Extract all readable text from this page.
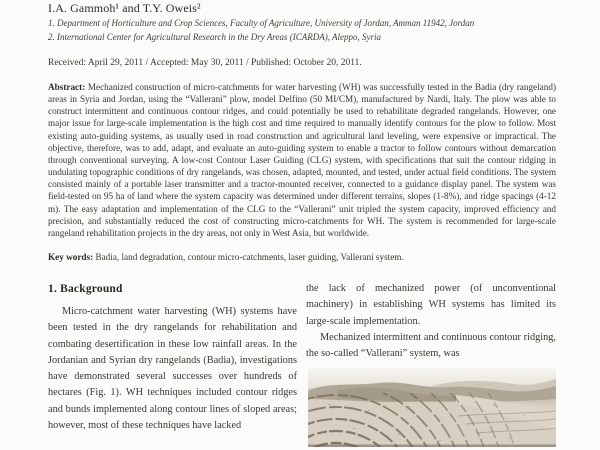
I.A. Gammoh¹ and T.Y. Oweis²
1. Department of Horticulture and Crop Sciences, Faculty of Agriculture, University of Jordan, Amman 11942, Jordan
2. International Center for Agricultural Research in the Dry Areas (ICARDA), Aleppo, Syria
Received: April 29, 2011 / Accepted: May 30, 2011 / Published: October 20, 2011.

Abstract: Mechanized construction of micro-catchments for water harvesting (WH) was successfully tested in the Badia (dry rangeland) areas in Syria and Jordan, using the “Vallerani” plow, model Delfino (50 MI/CM), manufactured by Nardi, Italy. The plow was able to construct intermittent and continuous contour ridges, and could potentially be used to rehabilitate degraded rangelands. However, one major issue for large-scale implementation is the high cost and time required to manually identify contours for the plow to follow. Most existing auto-guiding systems, as usually used in road construction and agricultural land leveling, were expensive or impractical. The objective, therefore, was to add, adapt, and evaluate an auto-guiding system to enable a tractor to follow contours without demarcation through conventional surveying. A low-cost Contour Laser Guiding (CLG) system, with specifications that suit the contour ridging in undulating topographic conditions of dry rangelands, was chosen, adapted, mounted, and tested, under actual field conditions. The system consisted mainly of a portable laser transmitter and a tractor-mounted receiver, connected to a guidance display panel. The system was field-tested on 95 ha of land where the system capacity was determined under different terrains, slopes (1-8%), and ridge spacings (4-12 m). The easy adaptation and implementation of the CLG to the “Vallerani” unit tripled the system capacity, improved efficiency and precision, and substantially reduced the cost of constructing micro-catchments for WH. The system is recommended for large-scale rangeland rehabilitation projects in the dry areas, not only in West Asia, but worldwide.

Key words: Badia, land degradation, contour micro-catchments, laser guiding, Vallerani system.

1. Background

Micro-catchment water harvesting (WH) systems have been tested in the dry rangelands for rehabilitation and combating desertification in these low rainfall areas. In the Jordanian and Syrian dry rangelands (Badia), investigations have demonstrated several successes over hundreds of hectares (Fig. 1). WH techniques included contour ridges and bunds implemented along contour lines of sloped areas; however, most of these techniques have lacked

the lack of mechanized power (of unconventional machinery) in establishing WH systems has limited its large-scale implementation.

Mechanized intermittent and continuous contour ridging, the so-called “Vallerani” system, was
